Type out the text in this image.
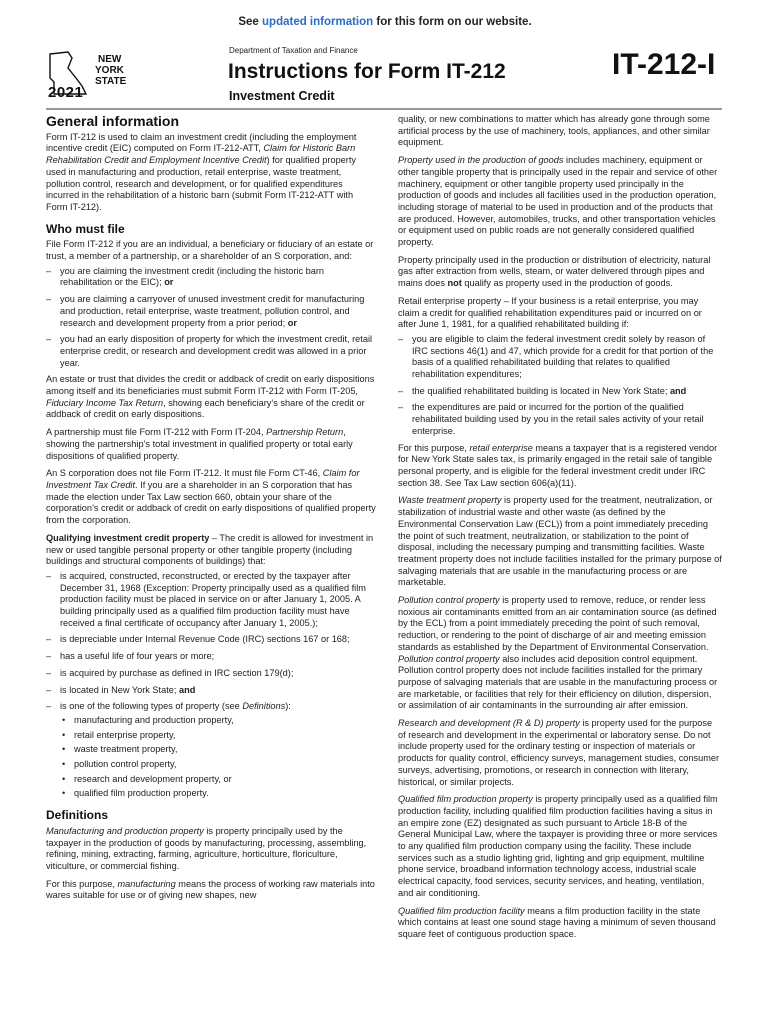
See updated information for this form on our website.
NEW
YORK
STATE
2021
Department of Taxation and Finance
Instructions for Form IT-212
Investment Credit
IT-212-I
General information

Form IT-212 is used to claim an investment credit (including the employment incentive credit (EIC) computed on Form IT-212-ATT, Claim for Historic Barn Rehabilitation Credit and Employment Incentive Credit) for qualified property used in manufacturing and production, retail enterprise, waste treatment, pollution control, research and development, or for qualified expenditures incurred in the rehabilitation of a historic barn (submit Form IT-212-ATT with Form IT-212).

Who must file

File Form IT-212 if you are an individual, a beneficiary or fiduciary of an estate or trust, a member of a partnership, or a shareholder of an S corporation, and:

– you are claiming the investment credit (including the historic barn rehabilitation or the EIC); or
– you are claiming a carryover of unused investment credit for manufacturing and production, retail enterprise, waste treatment, pollution control, and research and development property from a prior period; or
– you had an early disposition of property for which the investment credit, retail enterprise credit, or research and development credit was allowed in a prior year.

An estate or trust that divides the credit or addback of credit on early dispositions among itself and its beneficiaries must submit Form IT-212 with Form IT-205, Fiduciary Income Tax Return, showing each beneficiary’s share of the credit or addback of credit on early dispositions.

A partnership must file Form IT-212 with Form IT-204, Partnership Return, showing the partnership’s total investment in qualified property or total early dispositions of qualified property.

An S corporation does not file Form IT-212. It must file Form CT-46, Claim for Investment Tax Credit. If you are a shareholder in an S corporation that has made the election under Tax Law section 660, obtain your share of the corporation’s credit or addback of credit on early dispositions of qualified property from the corporation.

Qualifying investment credit property – The credit is allowed for investment in new or used tangible personal property or other tangible property (including buildings and structural components of buildings) that:

– is acquired, constructed, reconstructed, or erected by the taxpayer after December 31, 1968 (Exception: Property principally used as a qualified film production facility must be placed in service on or after January 1, 2005. A building principally used as a qualified film production facility must have received a final certificate of occupancy after January 1, 2005.);
– is depreciable under Internal Revenue Code (IRC) sections 167 or 168;
– has a useful life of four years or more;
– is acquired by purchase as defined in IRC section 179(d);
– is located in New York State; and
– is one of the following types of property (see Definitions):
• manufacturing and production property,
• retail enterprise property,
• waste treatment property,
• pollution control property,
• research and development property, or
• qualified film production property.
Definitions

Manufacturing and production property is property principally used by the taxpayer in the production of goods by manufacturing, processing, assembling, refining, mining, extracting, farming, agriculture, horticulture, floriculture, viticulture, or commercial fishing.

For this purpose, manufacturing means the process of working raw materials into wares suitable for use or of giving new shapes, new

quality, or new combinations to matter which has already gone through some artificial process by the use of machinery, tools, appliances, and other similar equipment.

Property used in the production of goods includes machinery, equipment or other tangible property that is principally used in the repair and service of other machinery, equipment or other tangible property used principally in the production of goods and includes all facilities used in the production operation, including storage of material to be used in production and of the products that are produced. However, automobiles, trucks, and other transportation vehicles or equipment used on public roads are not generally considered qualified property.

Property principally used in the production or distribution of electricity, natural gas after extraction from wells, steam, or water delivered through pipes and mains does not qualify as property used in the production of goods.

Retail enterprise property – If your business is a retail enterprise, you may claim a credit for qualified rehabilitation expenditures paid or incurred on or after June 1, 1981, for a qualified rehabilitated building if:

– you are eligible to claim the federal investment credit solely by reason of IRC sections 46(1) and 47, which provide for a credit for that portion of the basis of a qualified rehabilitated building that relates to qualified rehabilitation expenditures;
– the qualified rehabilitated building is located in New York State; and
– the expenditures are paid or incurred for the portion of the qualified rehabilitated building used by you in the retail sales activity of your retail enterprise.

For this purpose, retail enterprise means a taxpayer that is a registered vendor for New York State sales tax, is primarily engaged in the retail sale of tangible personal property, and is eligible for the federal investment credit under IRC section 38. See Tax Law section 606(a)(11).

Waste treatment property is property used for the treatment, neutralization, or stabilization of industrial waste and other waste (as defined by the Environmental Conservation Law (ECL)) from a point immediately preceding the point of such treatment, neutralization, or stabilization to the point of disposal, including the necessary pumping and transmitting facilities. Waste treatment property does not include facilities installed for the primary purpose of salvaging materials that are usable in the manufacturing process or are marketable.

Pollution control property is property used to remove, reduce, or render less noxious air contaminants emitted from an air contamination source (as defined by the ECL) from a point immediately preceding the point of such removal, reduction, or rendering to the point of discharge of air and meeting emission standards as established by the Department of Environmental Conservation. Pollution control property also includes acid deposition control equipment. Pollution control property does not include facilities installed for the primary purpose of salvaging materials that are usable in the manufacturing process or are marketable, or facilities that rely for their efficiency on dilution, dispersion, or assimilation of air contaminants in the surrounding air after emission.

Research and development (R & D) property is property used for the purpose of research and development in the experimental or laboratory sense. Do not include property used for the ordinary testing or inspection of materials or products for quality control, efficiency surveys, management studies, consumer surveys, advertising, promotions, or research in connection with literary, historical, or similar projects.

Qualified film production property is property principally used as a qualified film production facility, including qualified film production facilities having a situs in an empire zone (EZ) designated as such pursuant to Article 18-B of the General Municipal Law, where the taxpayer is providing three or more services to any qualified film production company using the facility. These include services such as a studio lighting grid, lighting and grip equipment, multiline phone service, broadband information technology access, industrial scale electrical capacity, food services, security services, and heating, ventilation, and air conditioning.

Qualified film production facility means a film production facility in the state which contains at least one sound stage having a minimum of seven thousand square feet of contiguous production space.
